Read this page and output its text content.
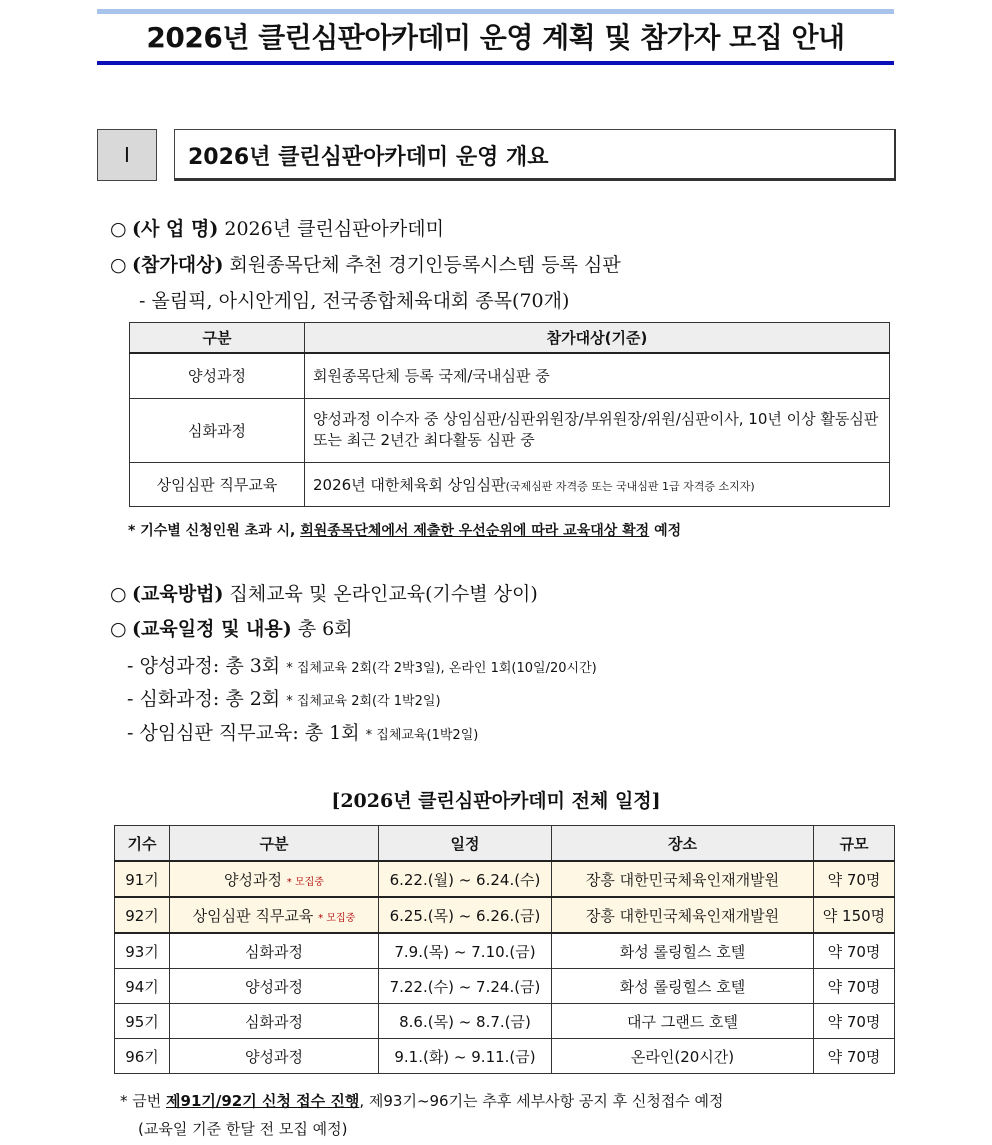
2026년 클린심판아카데미 운영 계획 및 참가자 모집 안내
Ⅰ	2026년 클린심판아카데미 운영 개요
○ (사 업 명) 2026년 클린심판아카데미
○ (참가대상) 회원종목단체 추천 경기인등록시스템 등록 심판
- 올림픽, 아시안게임, 전국종합체육대회 종목(70개)
구분	참가대상(기준)
양성과정	회원종목단체 등록 국제/국내심판 중
심화과정	양성과정 이수자 중 상임심판/심판위원장/부위원장/위원/심판이사, 10년 이상 활동심판 또는 최근 2년간 최다활동 심판 중
상임심판 직무교육	2026년 대한체육회 상임심판(국제심판 자격증 또는 국내심판 1급 자격증 소지자)
* 기수별 신청인원 초과 시, 회원종목단체에서 제출한 우선순위에 따라 교육대상 확정 예정
○ (교육방법) 집체교육 및 온라인교육(기수별 상이)
○ (교육일정 및 내용) 총 6회
- 양성과정: 총 3회 * 집체교육 2회(각 2박3일), 온라인 1회(10일/20시간)
- 심화과정: 총 2회 * 집체교육 2회(각 1박2일)
- 상임심판 직무교육: 총 1회 * 집체교육(1박2일)
[2026년 클린심판아카데미 전체 일정]
기수	구분	일정	장소	규모
91기	양성과정 * 모집중	6.22.(월) ~ 6.24.(수)	장흥 대한민국체육인재개발원	약 70명
92기	상임심판 직무교육 * 모집중	6.25.(목) ~ 6.26.(금)	장흥 대한민국체육인재개발원	약 150명
93기	심화과정	7.9.(목) ~ 7.10.(금)	화성 롤링힐스 호텔	약 70명
94기	양성과정	7.22.(수) ~ 7.24.(금)	화성 롤링힐스 호텔	약 70명
95기	심화과정	8.6.(목) ~ 8.7.(금)	대구 그랜드 호텔	약 70명
96기	양성과정	9.1.(화) ~ 9.11.(금)	온라인(20시간)	약 70명
* 금번 제91기/92기 신청 접수 진행, 제93기~96기는 추후 세부사항 공지 후 신청접수 예정
(교육일 기준 한달 전 모집 예정)
